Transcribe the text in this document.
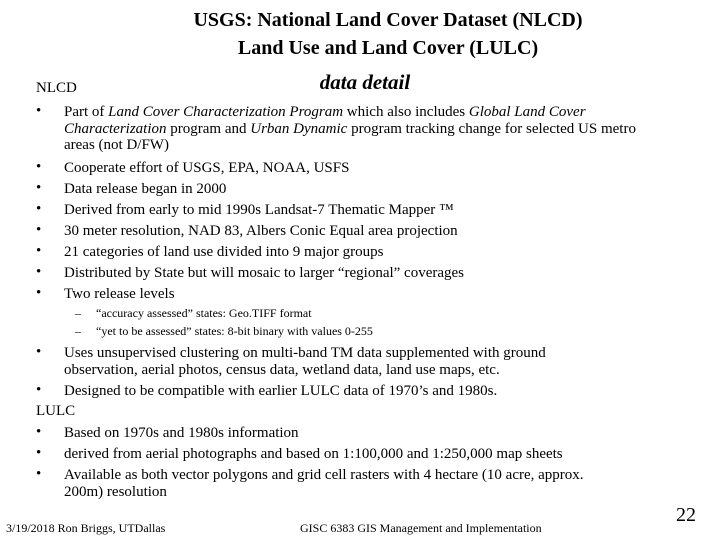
USGS: National Land Cover Dataset (NLCD)
Land Use and Land Cover (LULC)
data detail
NLCD
• Part of Land Cover Characterization Program which also includes Global Land Cover Characterization program and Urban Dynamic program tracking change for selected US metro areas (not D/FW)
• Cooperate effort of USGS, EPA, NOAA, USFS
• Data release began in 2000
• Derived from early to mid 1990s Landsat-7 Thematic Mapper ™
• 30 meter resolution, NAD 83, Albers Conic Equal area projection
• 21 categories of land use divided into 9 major groups
• Distributed by State but will mosaic to larger “regional” coverages
• Two release levels
– “accuracy assessed” states: Geo.TIFF format
– “yet to be assessed” states: 8-bit binary with values 0-255
• Uses unsupervised clustering on multi-band TM data supplemented with ground
observation, aerial photos, census data, wetland data, land use maps, etc.
• Designed to be compatible with earlier LULC data of 1970’s and 1980s.
LULC
• Based on 1970s and 1980s information
• derived from aerial photographs and based on 1:100,000 and 1:250,000 map sheets
• Available as both vector polygons and grid cell rasters with 4 hectare (10 acre, approx.
200m) resolution
3/19/2018 Ron Briggs, UTDallas	GISC 6383 GIS Management and Implementation
22
